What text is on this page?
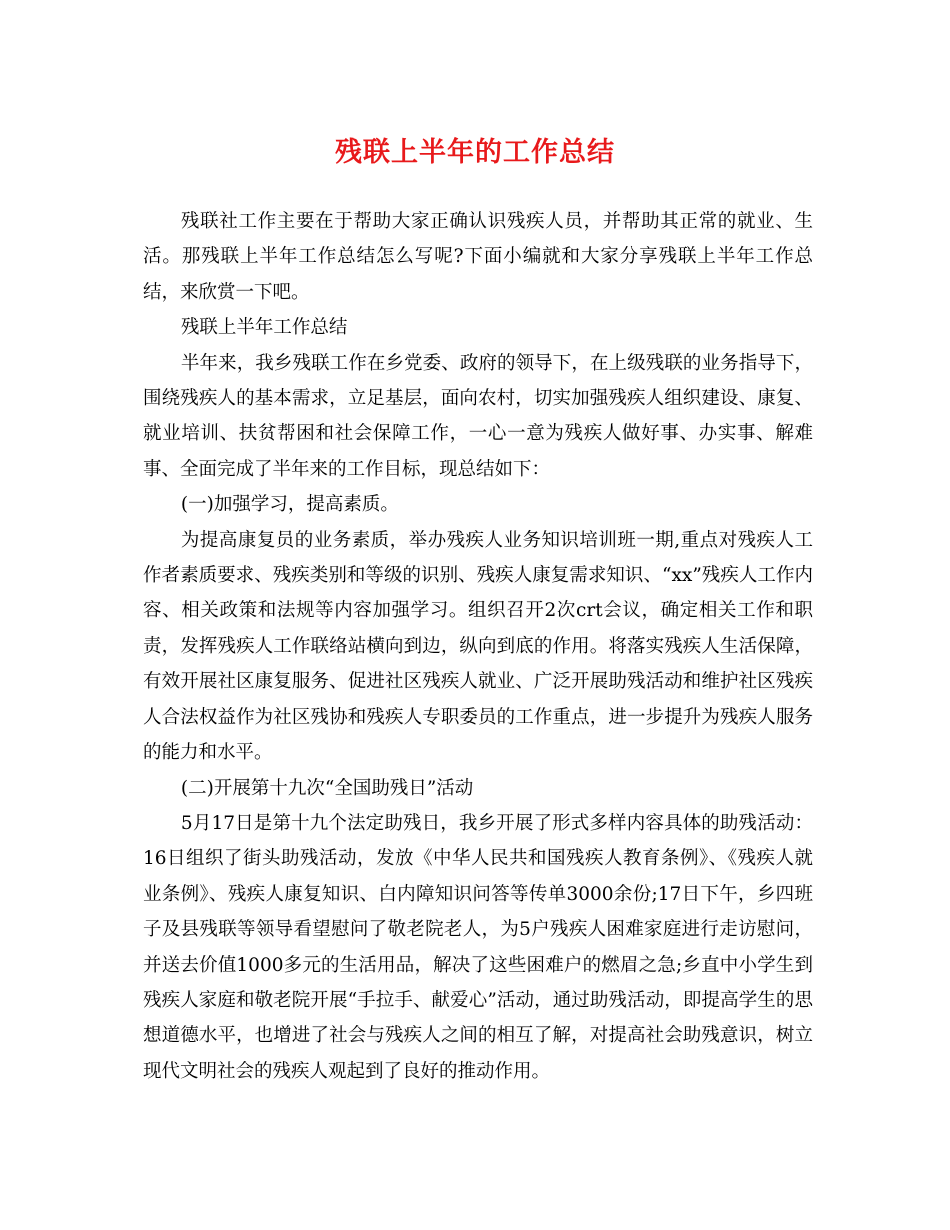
残联上半年的工作总结

残联社工作主要在于帮助大家正确认识残疾人员，并帮助其正常的就业、生活。那残联上半年工作总结怎么写呢?下面小编就和大家分享残联上半年工作总结，来欣赏一下吧。

残联上半年工作总结

半年来，我乡残联工作在乡党委、政府的领导下，在上级残联的业务指导下，围绕残疾人的基本需求，立足基层，面向农村，切实加强残疾人组织建设、康复、就业培训、扶贫帮困和社会保障工作，一心一意为残疾人做好事、办实事、解难事、全面完成了半年来的工作目标，现总结如下：

(一)加强学习，提高素质。

为提高康复员的业务素质，举办残疾人业务知识培训班一期,重点对残疾人工作者素质要求、残疾类别和等级的识别、残疾人康复需求知识、“xx”残疾人工作内容、相关政策和法规等内容加强学习。组织召开2次crt会议，确定相关工作和职责，发挥残疾人工作联络站横向到边，纵向到底的作用。将落实残疾人生活保障，有效开展社区康复服务、促进社区残疾人就业、广泛开展助残活动和维护社区残疾人合法权益作为社区残协和残疾人专职委员的工作重点，进一步提升为残疾人服务的能力和水平。

(二)开展第十九次“全国助残日”活动

5月17日是第十九个法定助残日，我乡开展了形式多样内容具体的助残活动：16日组织了街头助残活动，发放《中华人民共和国残疾人教育条例》、《残疾人就业条例》、残疾人康复知识、白内障知识问答等传单3000余份;17日下午，乡四班子及县残联等领导看望慰问了敬老院老人，为5户残疾人困难家庭进行走访慰问，并送去价值1000多元的生活用品，解决了这些困难户的燃眉之急;乡直中小学生到残疾人家庭和敬老院开展“手拉手、献爱心”活动，通过助残活动，即提高学生的思想道德水平，也增进了社会与残疾人之间的相互了解，对提高社会助残意识，树立现代文明社会的残疾人观起到了良好的推动作用。
